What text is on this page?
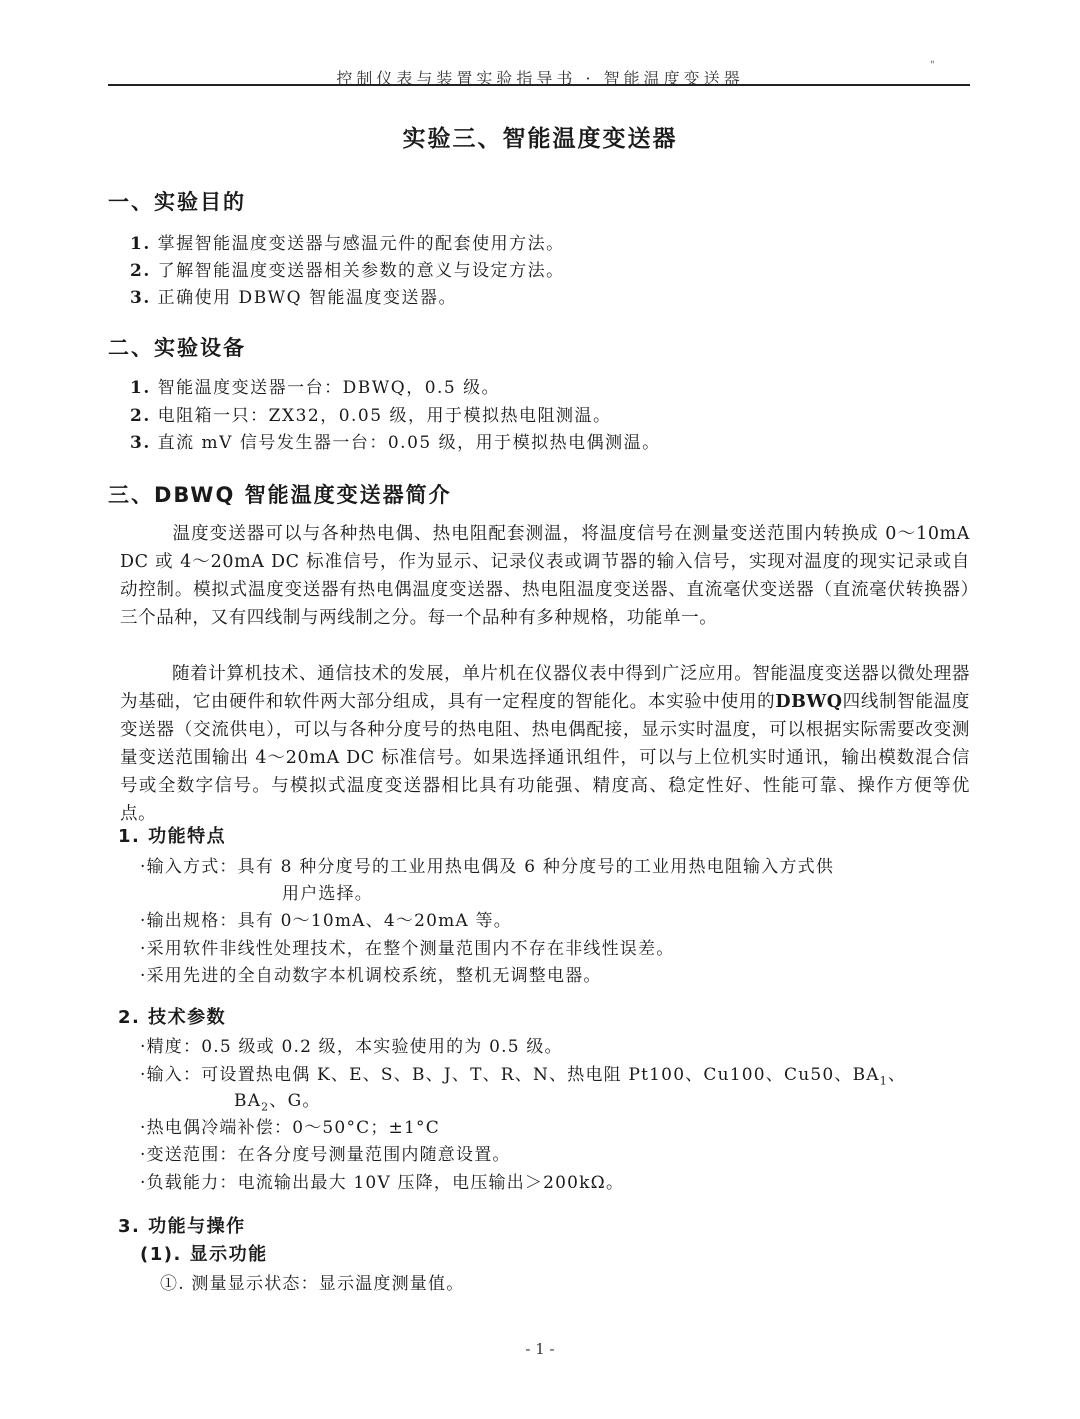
控制仪表与装置实验指导书 · 智能温度变送器
"
实验三、智能温度变送器
一、实验目的
1. 掌握智能温度变送器与感温元件的配套使用方法。
2. 了解智能温度变送器相关参数的意义与设定方法。
3. 正确使用 DBWQ 智能温度变送器。
二、实验设备
1. 智能温度变送器一台：DBWQ，0.5 级。
2. 电阻箱一只：ZX32，0.05 级，用于模拟热电阻测温。
3. 直流 mV 信号发生器一台：0.05 级，用于模拟热电偶测温。
三、DBWQ 智能温度变送器简介
温度变送器可以与各种热电偶、热电阻配套测温，将温度信号在测量变送范围内转换成 0～10mA DC 或 4～20mA DC 标准信号，作为显示、记录仪表或调节器的输入信号，实现对温度的现实记录或自动控制。模拟式温度变送器有热电偶温度变送器、热电阻温度变送器、直流毫伏变送器（直流毫伏转换器）三个品种，又有四线制与两线制之分。每一个品种有多种规格，功能单一。
随着计算机技术、通信技术的发展，单片机在仪器仪表中得到广泛应用。智能温度变送器以微处理器为基础，它由硬件和软件两大部分组成，具有一定程度的智能化。本实验中使用的DBWQ四线制智能温度变送器（交流供电），可以与各种分度号的热电阻、热电偶配接，显示实时温度，可以根据实际需要改变测量变送范围输出 4～20mA DC 标准信号。如果选择通讯组件，可以与上位机实时通讯，输出模数混合信号或全数字信号。与模拟式温度变送器相比具有功能强、精度高、稳定性好、性能可靠、操作方便等优点。
1. 功能特点
·输入方式：具有 8 种分度号的工业用热电偶及 6 种分度号的工业用热电阻输入方式供
用户选择。
·输出规格：具有 0～10mA、4～20mA 等。
·采用软件非线性处理技术，在整个测量范围内不存在非线性误差。
·采用先进的全自动数字本机调校系统，整机无调整电器。
2. 技术参数
·精度：0.5 级或 0.2 级，本实验使用的为 0.5 级。
·输入：可设置热电偶 K、E、S、B、J、T、R、N、热电阻 Pt100、Cu100、Cu50、$BA_1$、
$BA_2$、G。
·热电偶冷端补偿：0～50°C；±1°C
·变送范围：在各分度号测量范围内随意设置。
·负载能力：电流输出最大 10V 压降，电压输出＞200kΩ。
3. 功能与操作
(1). 显示功能
①. 测量显示状态：显示温度测量值。
- 1 -
